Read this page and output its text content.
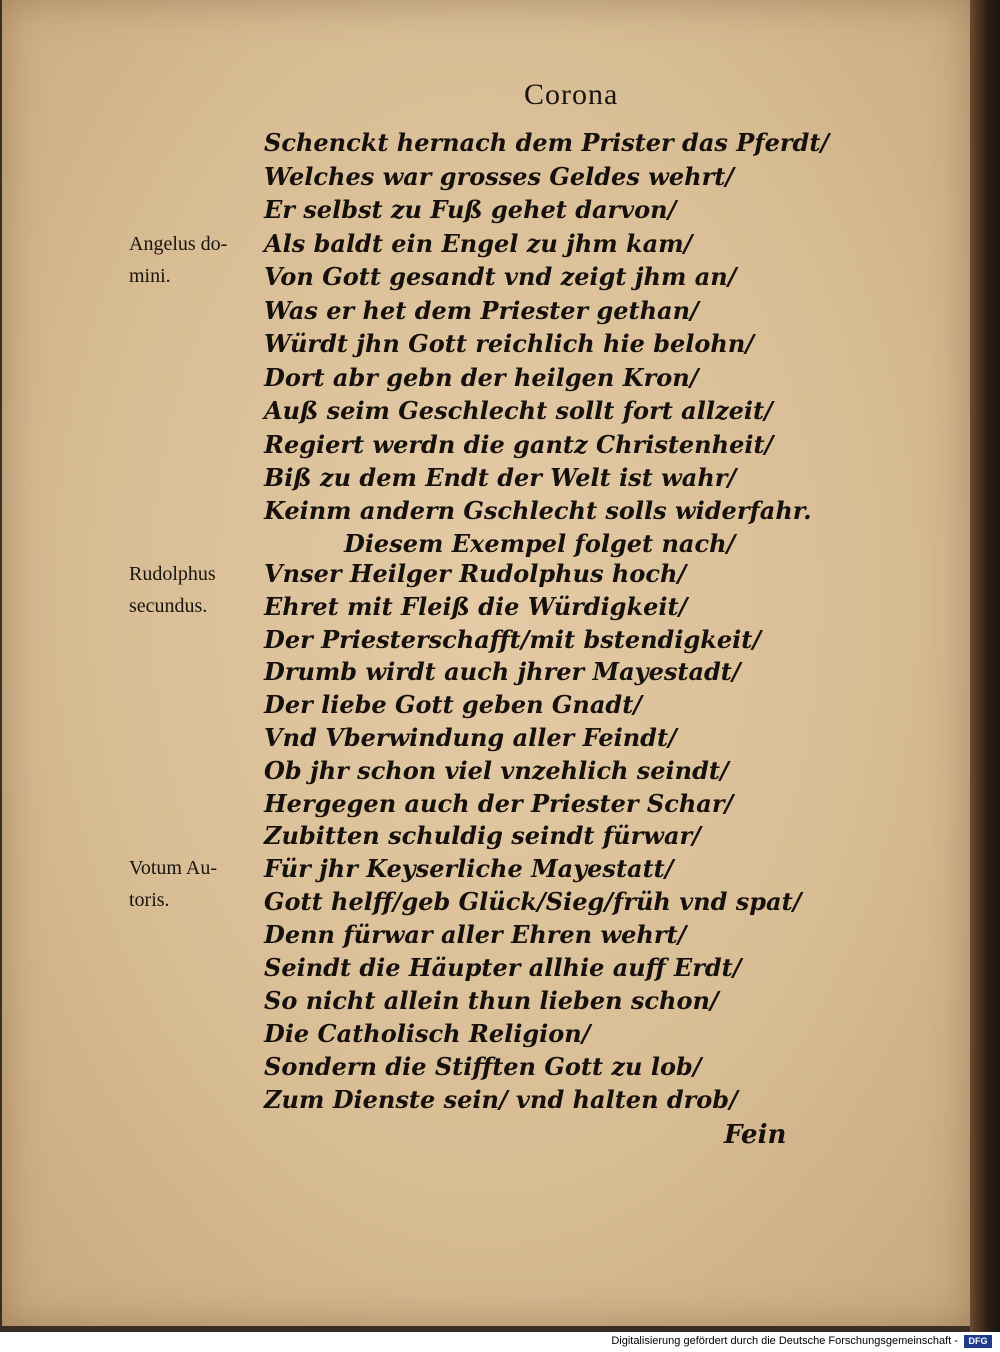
Corona
Angelus do-
mini.
Rudolphus
secundus.
Votum Au-
toris.
Schenckt hernach dem Prister das Pferdt/
Welches war grosses Geldes wehrt/
Er selbst zu Fuß gehet darvon/
Als baldt ein Engel zu jhm kam/
Von Gott gesandt vnd zeigt jhm an/
Was er het dem Priester gethan/
Würdt jhn Gott reichlich hie belohn/
Dort abr gebn der heilgen Kron/
Auß seim Geschlecht sollt fort allzeit/
Regiert werdn die gantz Christenheit/
Biß zu dem Endt der Welt ist wahr/
Keinm andern Gschlecht solls widerfahr.
Diesem Exempel folget nach/
Vnser Heilger Rudolphus hoch/
Ehret mit Fleiß die Würdigkeit/
Der Priesterschafft/mit bstendigkeit/
Drumb wirdt auch jhrer Mayestadt/
Der liebe Gott geben Gnadt/
Vnd Vberwindung aller Feindt/
Ob jhr schon viel vnzehlich seindt/
Hergegen auch der Priester Schar/
Zubitten schuldig seindt fürwar/
Für jhr Keyserliche Mayestatt/
Gott helff/geb Glück/Sieg/früh vnd spat/
Denn fürwar aller Ehren wehrt/
Seindt die Häupter allhie auff Erdt/
So nicht allein thun lieben schon/
Die Catholisch Religion/
Sondern die Stifften Gott zu lob/
Zum Dienste sein/ vnd halten drob/
Fein
Digitalisierung gefördert durch die Deutsche Forschungsgemeinschaft -	DFG
